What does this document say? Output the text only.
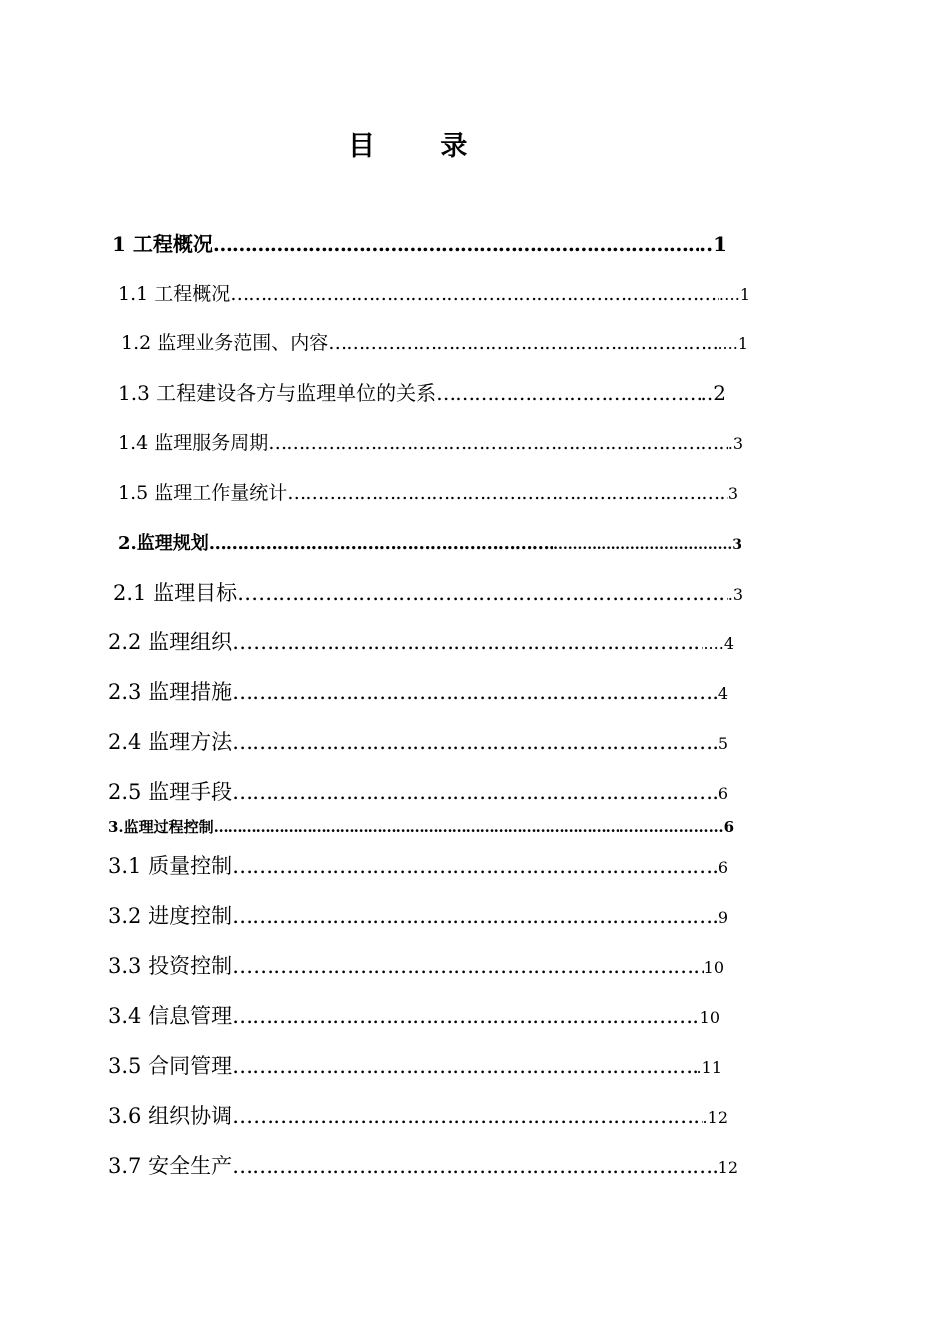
目 录
1 工程概况 …………………………………………………………………………………………………………………………………………………………………………………………………………………………	..1
1.1 工程概况 …………………………………………………………………………………………………………………………………………………………………………………………………………………………	….1
1.2 监理业务范围、内容 …………………………………………………………………………………………………………………………………………………………………………………………………………………………	....1
1.3 工程建设各方与监理单位的关系 …………………………………………………………………………………………………………………………………………………………………………………………………………………………	..2
1.4 监理服务周期 …………………………………………………………………………………………………………………………………………………………………………………………………………………………	.3
1.5 监理工作量统计 …………………………………………………………………………………………………………………………………………………………………………………………………………………………	3
2.监理规划 …………………………………………………………………………………………………………………………………………………………………………………………………………………………	........…….......................3
2.1 监理目标… …………………………………………………………………………………………………………………………………………………………………………………………………………………………	.3
2.2 监理组织… …………………………………………………………………………………………………………………………………………………………………………………………………………………………	....4
2.3 监理措施 …………………………………………………………………………………………………………………………………………………………………………………………………………………………	4
2.4 监理方法 …………………………………………………………………………………………………………………………………………………………………………………………………………………………	5
2.5 监理手段 …………………………………………………………………………………………………………………………………………………………………………………………………………………………	6
3.监理过程控制 …………………………………………………………………………………………………………………………………………………………………………………………………………………………	…………………6
3.1 质量控制 …………………………………………………………………………………………………………………………………………………………………………………………………………………………	6
3.2 进度控制 …………………………………………………………………………………………………………………………………………………………………………………………………………………………	9
3.3 投资控制… …………………………………………………………………………………………………………………………………………………………………………………………………………………………	10
3.4 信息管理 …………………………………………………………………………………………………………………………………………………………………………………………………………………………	10
3.5 合同管理 …………………………………………………………………………………………………………………………………………………………………………………………………………………………	.11
3.6 组织协调… …………………………………………………………………………………………………………………………………………………………………………………………………………………………	.12
3.7 安全生产 …………………………………………………………………………………………………………………………………………………………………………………………………………………………	12
